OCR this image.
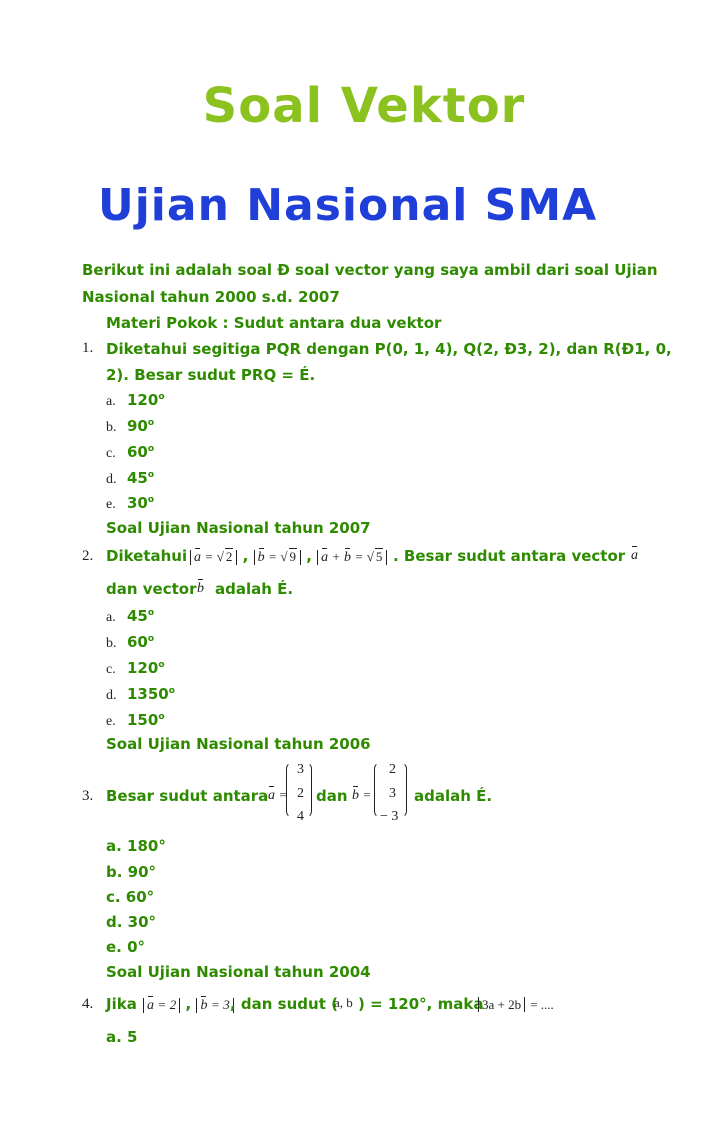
Soal Vektor
Ujian Nasional SMA
Berikut ini adalah soal Đ soal vector yang saya ambil dari soal Ujian
Nasional tahun 2000 s.d. 2007
Materi Pokok : Sudut antara dua vektor
1. Diketahui segitiga PQR dengan P(0, 1, 4), Q(2, Đ3, 2), dan R(Đ1, 0,
2). Besar sudut PRQ = É.
a. 120$^o$
b. 90$^o$
c. 60$^o$
d. 45$^o$
e. 30$^o$
Soal Ujian Nasional tahun 2007
2. Diketahui a = √ 2 , b = √ 9 , a + b = √ 5 . Besar sudut antara vector a
dan vector b adalah É.
a. 45$^o$
b. 60$^o$
c. 120$^o$
d. 1350$^o$
e. 150$^o$
Soal Ujian Nasional tahun 2006
3. Besar sudut antara a =
3
2
4
dan b =
2
3
− 3
adalah É.
a. 180°
b. 90°
c. 60°
d. 30°
e. 0°
Soal Ujian Nasional tahun 2004
4. Jika a = 2 , b = 3 , dan sudut (
a, b ) = 120°, maka
3a + 2b = ....
a. 5
